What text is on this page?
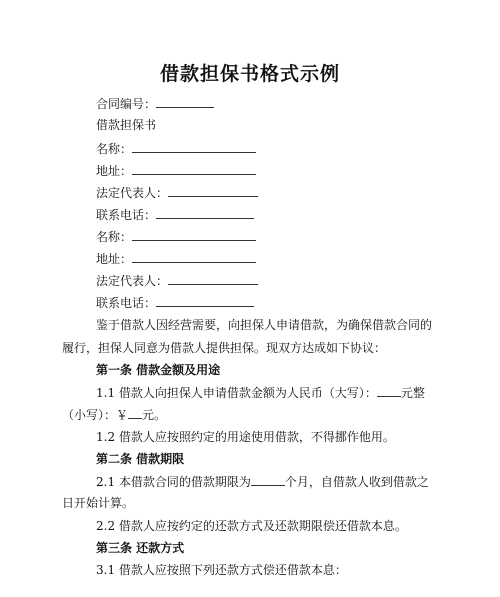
借款担保书格式示例
合同编号：
借款担保书
名称：
地址：
法定代表人：
联系电话：
名称：
地址：
法定代表人：
联系电话：
鉴于借款人因经营需要，向担保人申请借款，为确保借款合同的
履行，担保人同意为借款人提供担保。现双方达成如下协议：
第一条 借款金额及用途
1.1 借款人向担保人申请借款金额为人民币（大写）： 元整
（小写）：￥ 元。
1.2 借款人应按照约定的用途使用借款，不得挪作他用。
第二条 借款期限
2.1 本借款合同的借款期限为	个月，自借款人收到借款之
日开始计算。
2.2 借款人应按约定的还款方式及还款期限偿还借款本息。
第三条 还款方式
3.1 借款人应按照下列还款方式偿还借款本息：
